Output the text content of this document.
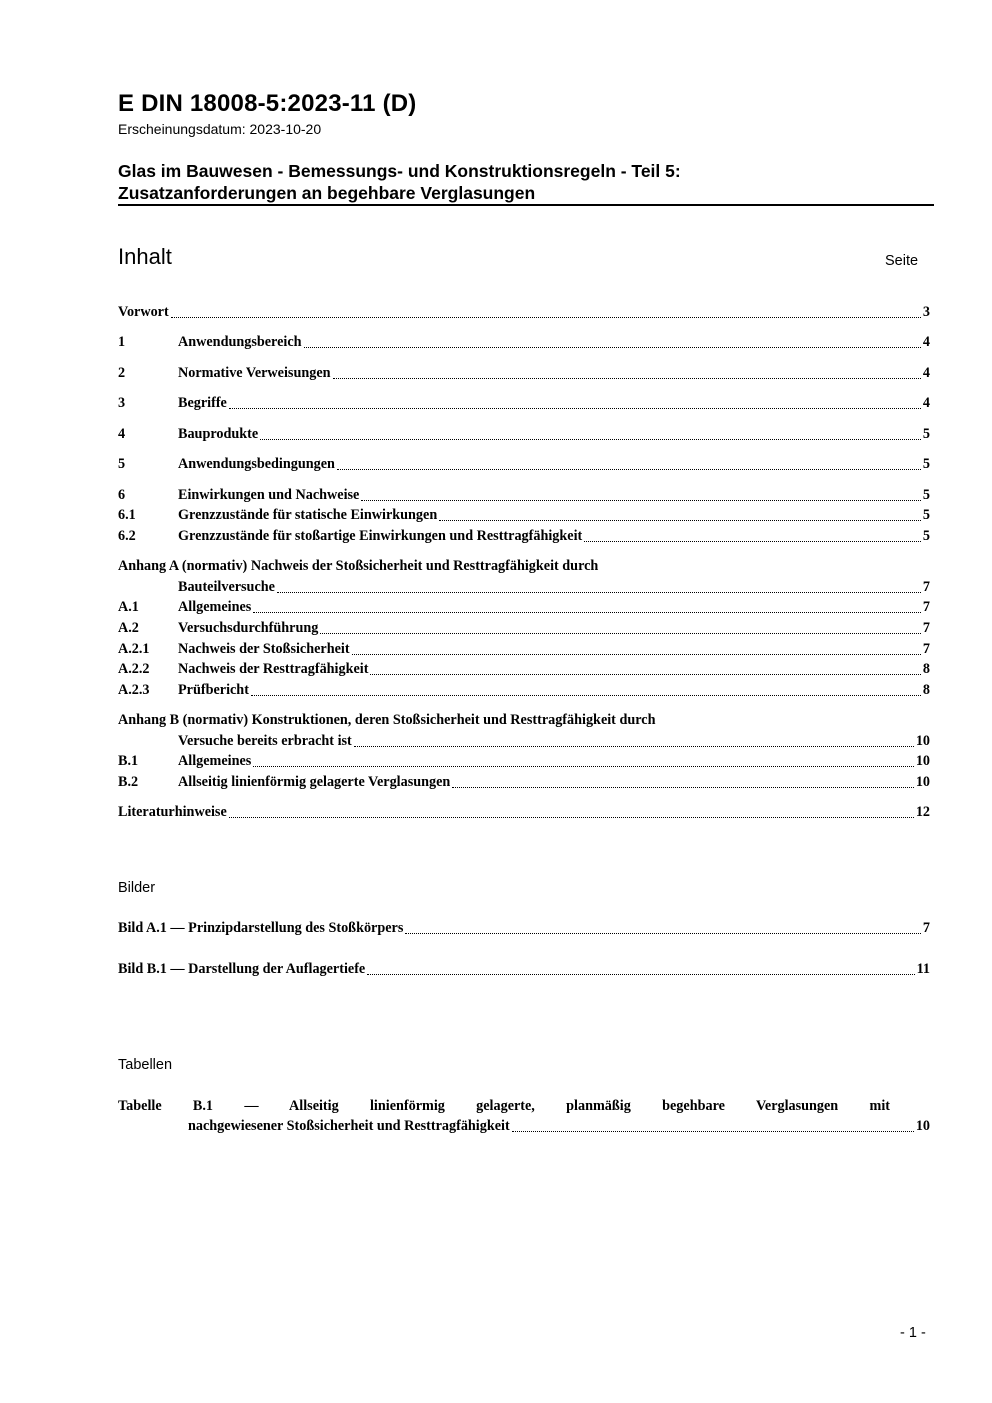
E DIN 18008-5:2023-11 (D)
Erscheinungsdatum: 2023-10-20
Glas im Bauwesen - Bemessungs- und Konstruktionsregeln - Teil 5:
Zusatzanforderungen an begehbare Verglasungen
Inhalt	Seite
Vorwort	3
1	Anwendungsbereich	4
2	Normative Verweisungen	4
3	Begriffe	4
4	Bauprodukte	5
5	Anwendungsbedingungen	5
6	Einwirkungen und Nachweise	5
6.1	Grenzzustände für statische Einwirkungen	5
6.2	Grenzzustände für stoßartige Einwirkungen und Resttragfähigkeit	5
Anhang A (normativ) Nachweis der Stoßsicherheit und Resttragfähigkeit durch
Bauteilversuche	7
A.1	Allgemeines	7
A.2	Versuchsdurchführung	7
A.2.1	Nachweis der Stoßsicherheit	7
A.2.2	Nachweis der Resttragfähigkeit	8
A.2.3	Prüfbericht	8
Anhang B (normativ) Konstruktionen, deren Stoßsicherheit und Resttragfähigkeit durch
Versuche bereits erbracht ist	10
B.1	Allgemeines	10
B.2	Allseitig linienförmig gelagerte Verglasungen	10
Literaturhinweise	12
Bilder
Bild A.1 — Prinzipdarstellung des Stoßkörpers	7
Bild B.1 — Darstellung der Auflagertiefe	11
Tabellen
Tabelle B.1 — Allseitig linienförmig gelagerte, planmäßig begehbare Verglasungen mit
nachgewiesener Stoßsicherheit und Resttragfähigkeit	10
- 1 -
